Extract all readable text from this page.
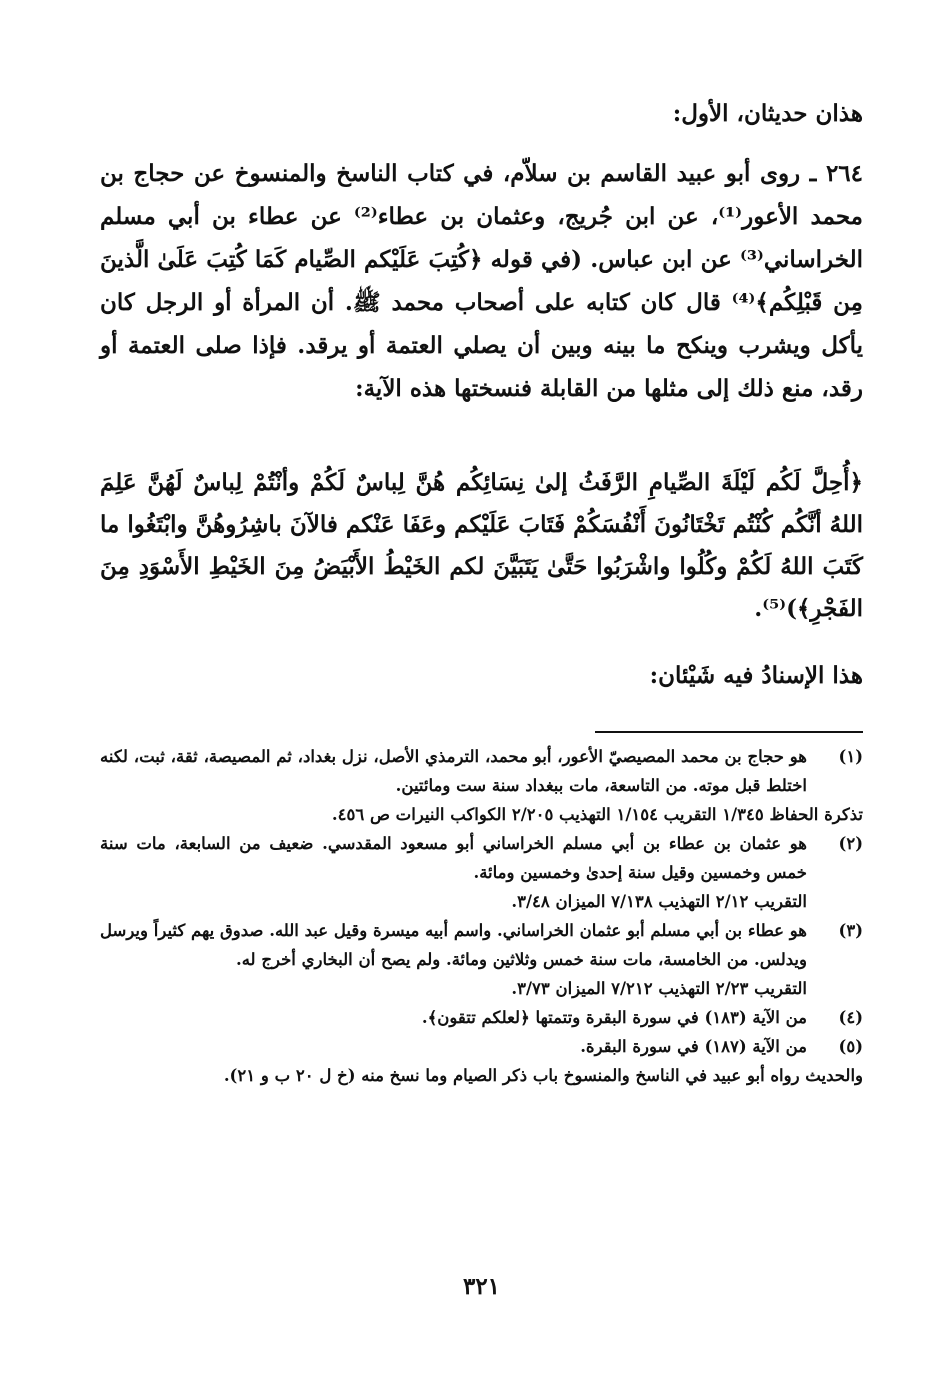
هذان حديثان، الأول:
٢٦٤ ـ روى أبو عبيد القاسم بن سلاّم، في كتاب الناسخ والمنسوخ عن حجاج بن محمد الأعور⁽¹⁾، عن ابن جُريج، وعثمان بن عطاء⁽²⁾ عن عطاء بن أبي مسلم الخراساني⁽³⁾ عن ابن عباس. (في قوله ﴿كُتِبَ عَلَيْكم الصِّيام كَمَا كُتِبَ عَلَىٰ الَّذينَ مِن قَبْلِكُم﴾⁽⁴⁾ قال كان كتابه على أصحاب محمد ﷺ. أن المرأة أو الرجل كان يأكل ويشرب وينكح ما بينه وبين أن يصلي العتمة أو يرقد. فإذا صلى العتمة أو رقد، منع ذلك إلى مثلها من القابلة فنسختها هذه الآية:
﴿أُحِلَّ لَكُم لَيْلَةَ الصِّيامِ الرَّفَثُ إلىٰ نِسَائِكُم هُنَّ لِباسٌ لَكُمْ وأنْتُمْ لِباسٌ لَهُنَّ عَلِمَ اللهُ أنَّكُم كُنْتُم تَخْتَانُونَ أَنْفُسَكُمْ فَتَابَ عَلَيْكم وعَفَا عَنْكم فالآنَ باشِرُوهُنَّ وابْتَغُوا ما كَتَبَ اللهُ لَكُمْ وكُلُوا واشْرَبُوا حَتَّىٰ يَتَبَيَّنَ لكم الخَيْطُ الأَبْيَضُ مِنَ الخَيْطِ الأَسْوَدِ مِنَ الفَجْرِ﴾)⁽⁵⁾.
هذا الإسنادُ فيه شَيْئان:
(١)
هو حجاج بن محمد المصيصيّ الأعور، أبو محمد، الترمذي الأصل، نزل بغداد، ثم المصيصة، ثقة، ثبت، لكنه اختلط قبل موته. من التاسعة، مات ببغداد سنة ست ومائتين.
تذكرة الحفاظ ١/٣٤٥ التقريب ١/١٥٤ التهذيب ٢/٢٠٥ الكواكب النيرات ص ٤٥٦.
(٢)
هو عثمان بن عطاء بن أبي مسلم الخراساني أبو مسعود المقدسي. ضعيف من السابعة، مات سنة خمس وخمسين وقيل سنة إحدىٰ وخمسين ومائة.
التقريب ٢/١٢ التهذيب ٧/١٣٨ الميزان ٣/٤٨.
(٣)
هو عطاء بن أبي مسلم أبو عثمان الخراساني. واسم أبيه ميسرة وقيل عبد الله. صدوق يهم كثيراً ويرسل ويدلس. من الخامسة، مات سنة خمس وثلاثين ومائة. ولم يصح أن البخاري أخرج له.
التقريب ٢/٢٣ التهذيب ٧/٢١٢ الميزان ٣/٧٣.
(٤)
من الآية (١٨٣) في سورة البقرة وتتمتها ﴿لعلكم تتقون﴾.
(٥)
من الآية (١٨٧) في سورة البقرة.
والحديث رواه أبو عبيد في الناسخ والمنسوخ باب ذكر الصيام وما نسخ منه (خ ل ٢٠ ب و ٢١).
٣٢١
